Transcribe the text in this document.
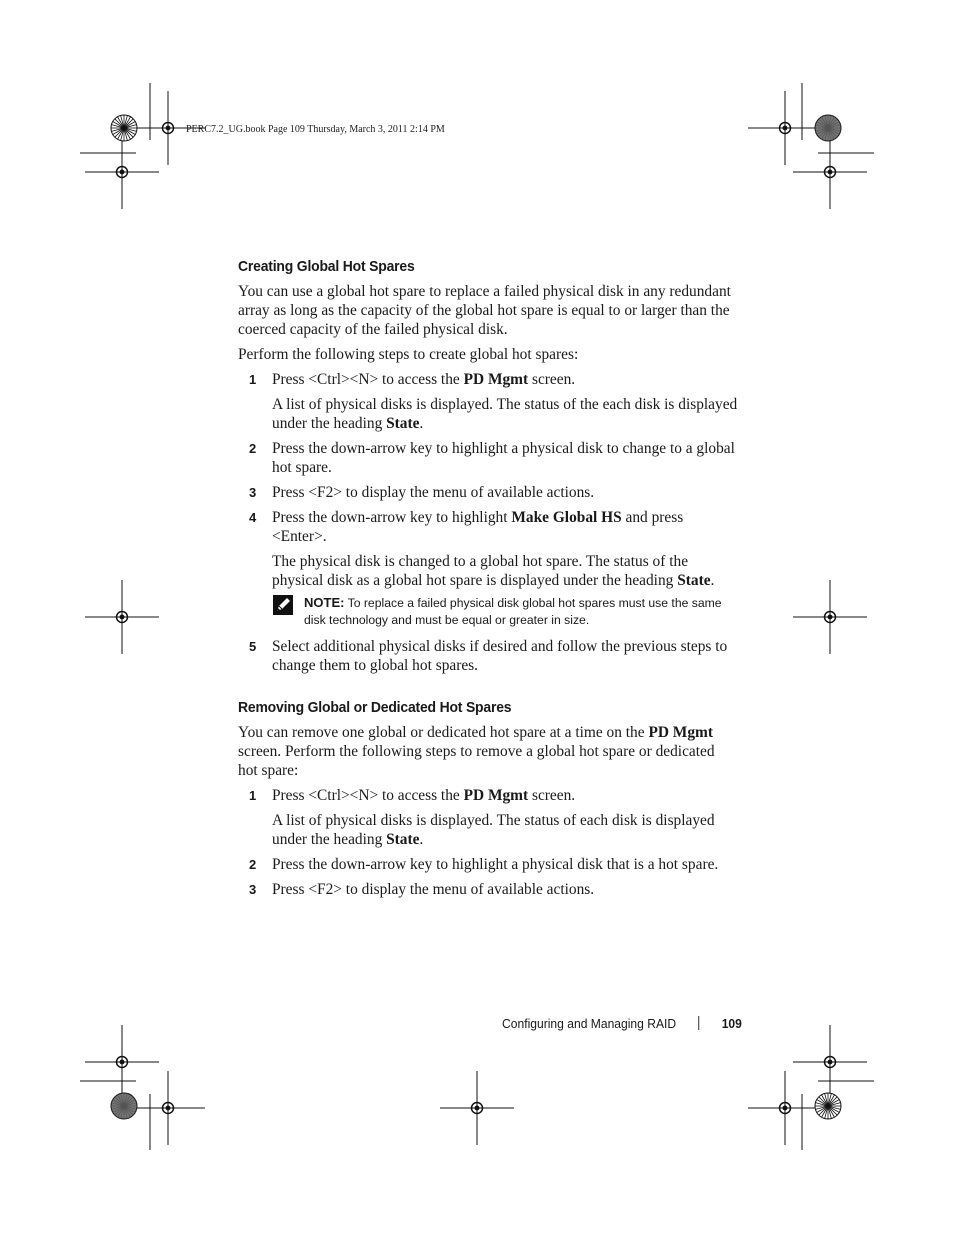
PERC7.2_UG.book Page 109 Thursday, March 3, 2011 2:14 PM
Creating Global Hot Spares

You can use a global hot spare to replace a failed physical disk in any redundant array as long as the capacity of the global hot spare is equal to or larger than the coerced capacity of the failed physical disk.

Perform the following steps to create global hot spares:

1 Press <Ctrl><N> to access the PD Mgmt screen.
A list of physical disks is displayed. The status of the each disk is displayed under the heading State.
2 Press the down-arrow key to highlight a physical disk to change to a global hot spare.
3 Press <F2> to display the menu of available actions.
4 Press the down-arrow key to highlight Make Global HS and press <Enter>.
The physical disk is changed to a global hot spare. The status of the physical disk as a global hot spare is displayed under the heading State.
NOTE: To replace a failed physical disk global hot spares must use the same disk technology and must be equal or greater in size.
5 Select additional physical disks if desired and follow the previous steps to change them to global hot spares.
Removing Global or Dedicated Hot Spares

You can remove one global or dedicated hot spare at a time on the PD Mgmt screen. Perform the following steps to remove a global hot spare or dedicated hot spare:

1 Press <Ctrl><N> to access the PD Mgmt screen.
A list of physical disks is displayed. The status of each disk is displayed under the heading State.
2 Press the down-arrow key to highlight a physical disk that is a hot spare.
3 Press <F2> to display the menu of available actions.
Configuring and Managing RAID	109
